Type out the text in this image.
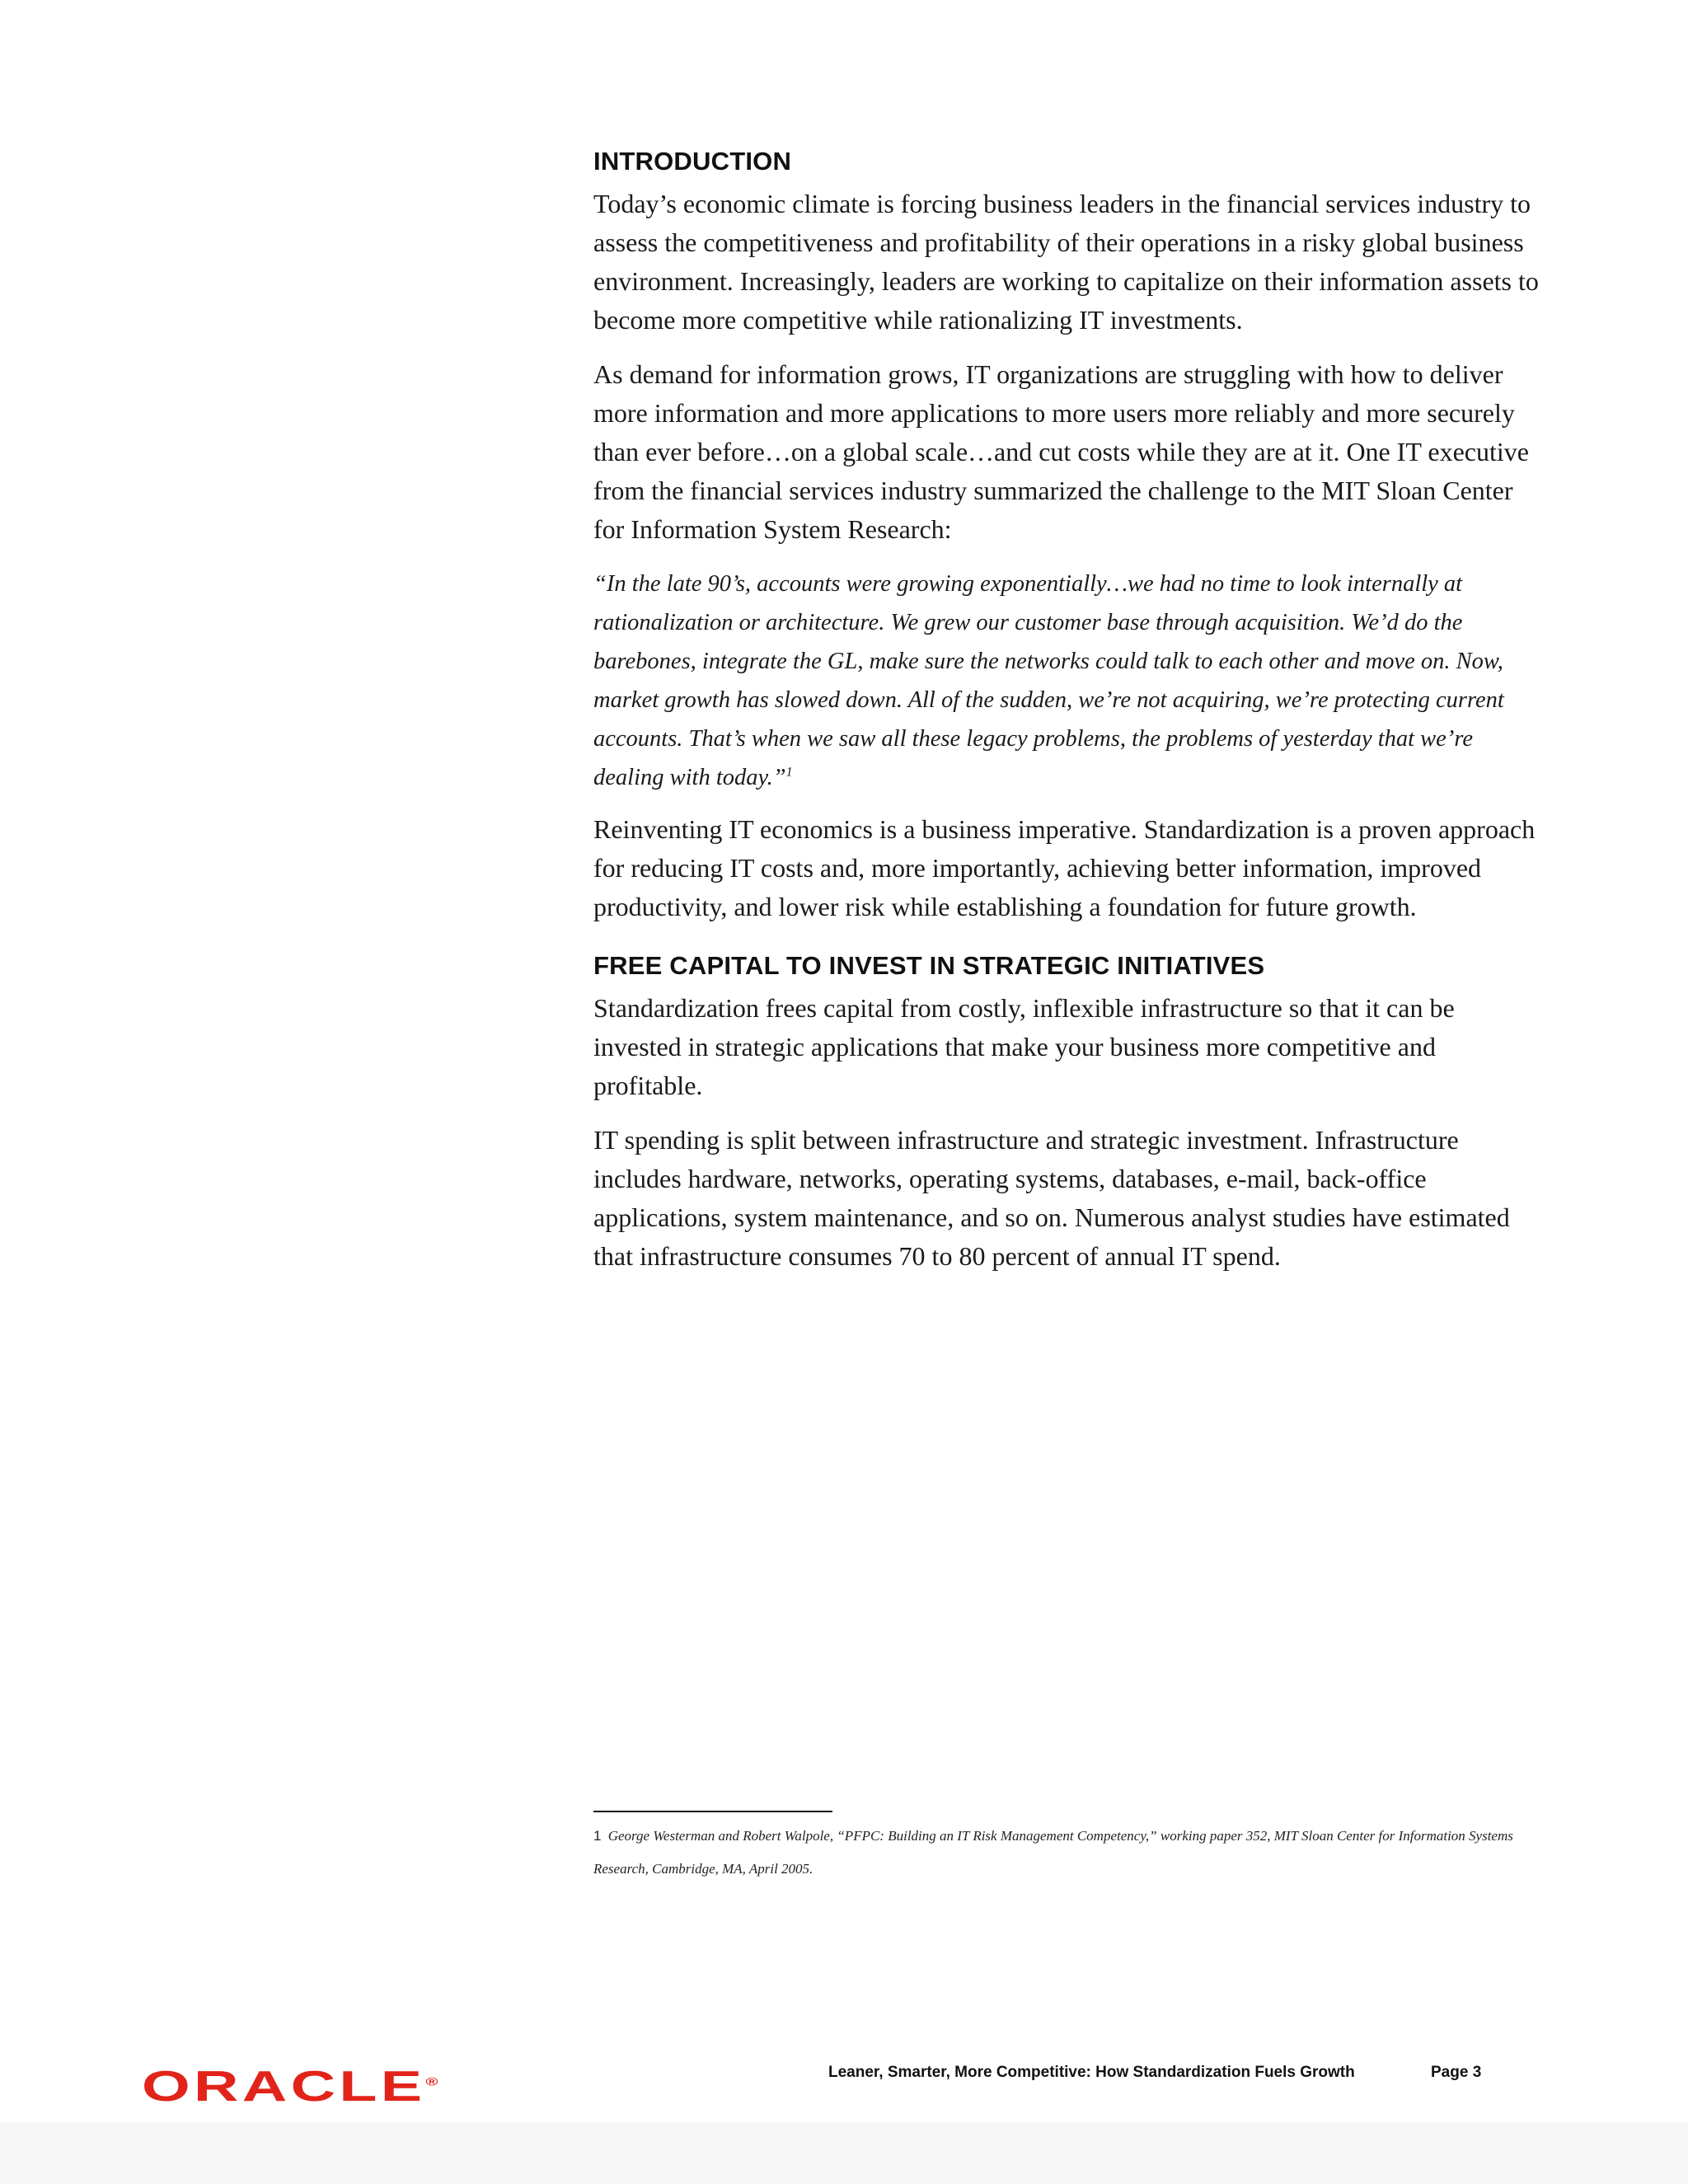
INTRODUCTION

Today’s economic climate is forcing business leaders in the financial services industry to assess the competitiveness and profitability of their operations in a risky global business environment. Increasingly, leaders are working to capitalize on their information assets to become more competitive while rationalizing IT investments.

As demand for information grows, IT organizations are struggling with how to deliver more information and more applications to more users more reliably and more securely than ever before…on a global scale…and cut costs while they are at it. One IT executive from the financial services industry summarized the challenge to the MIT Sloan Center for Information System Research:

“In the late 90’s, accounts were growing exponentially…we had no time to look internally at rationalization or architecture. We grew our customer base through acquisition. We’d do the barebones, integrate the GL, make sure the networks could talk to each other and move on. Now, market growth has slowed down. All of the sudden, we’re not acquiring, we’re protecting current accounts. That’s when we saw all these legacy problems, the problems of yesterday that we’re dealing with today.”$^1$

Reinventing IT economics is a business imperative. Standardization is a proven approach for reducing IT costs and, more importantly, achieving better information, improved productivity, and lower risk while establishing a foundation for future growth.

FREE CAPITAL TO INVEST IN STRATEGIC INITIATIVES

Standardization frees capital from costly, inflexible infrastructure so that it can be invested in strategic applications that make your business more competitive and profitable.

IT spending is split between infrastructure and strategic investment. Infrastructure includes hardware, networks, operating systems, databases, e-mail, back-office applications, system maintenance, and so on. Numerous analyst studies have estimated that infrastructure consumes 70 to 80 percent of annual IT spend.

1 George Westerman and Robert Walpole, “PFPC: Building an IT Risk Management Competency,” working paper 352, MIT Sloan Center for Information Systems Research, Cambridge, MA, April 2005.
ORACLE®
Leaner, Smarter, More Competitive: How Standardization Fuels Growth	Page 3
